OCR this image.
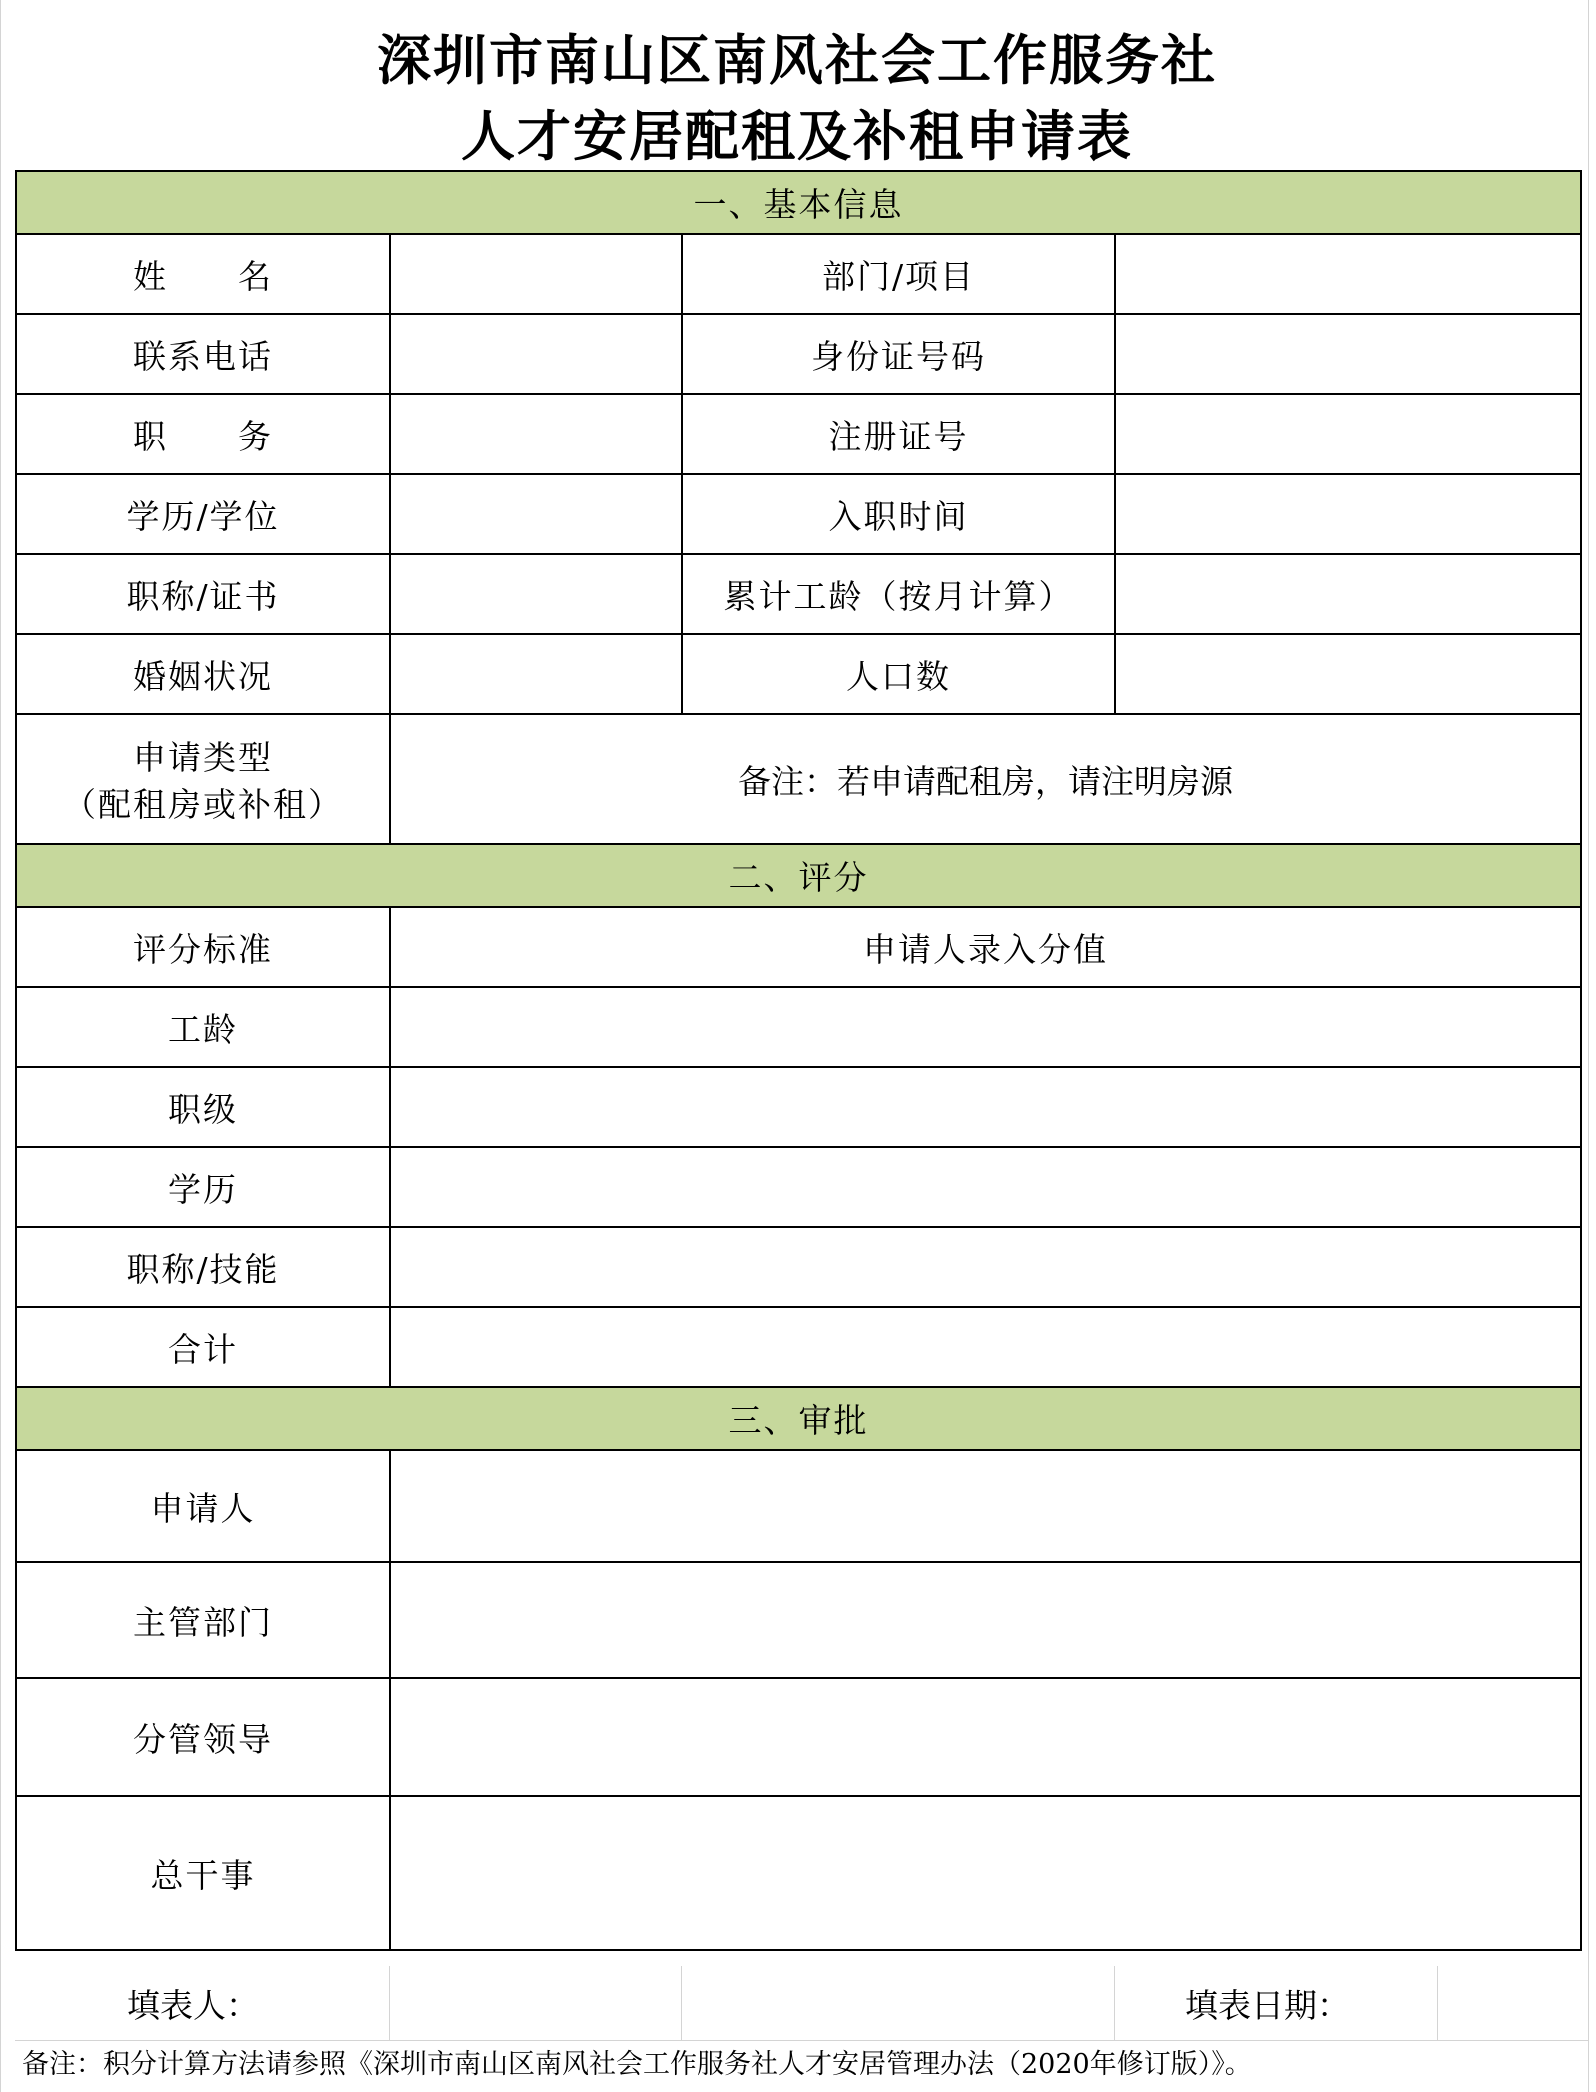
深圳市南山区南风社会工作服务社
人才安居配租及补租申请表
一、基本信息			
姓　　名		部门/项目	
联系电话		身份证号码	
职　　务		注册证号	
学历/学位		入职时间	
职称/证书		累计工龄（按月计算）	
婚姻状况		人口数	

申请类型
（配租房或补租）	备注：若申请配租房，请注明房源		
二、评分			
评分标准	申请人录入分值		
工龄			
职级			
学历			
职称/技能			
合计			
三、审批			
申请人			
主管部门			
分管领导			
总干事			
填表人：	填表日期：
备注：积分计算方法请参照《深圳市南山区南风社会工作服务社人才安居管理办法（2020年修订版）》。
